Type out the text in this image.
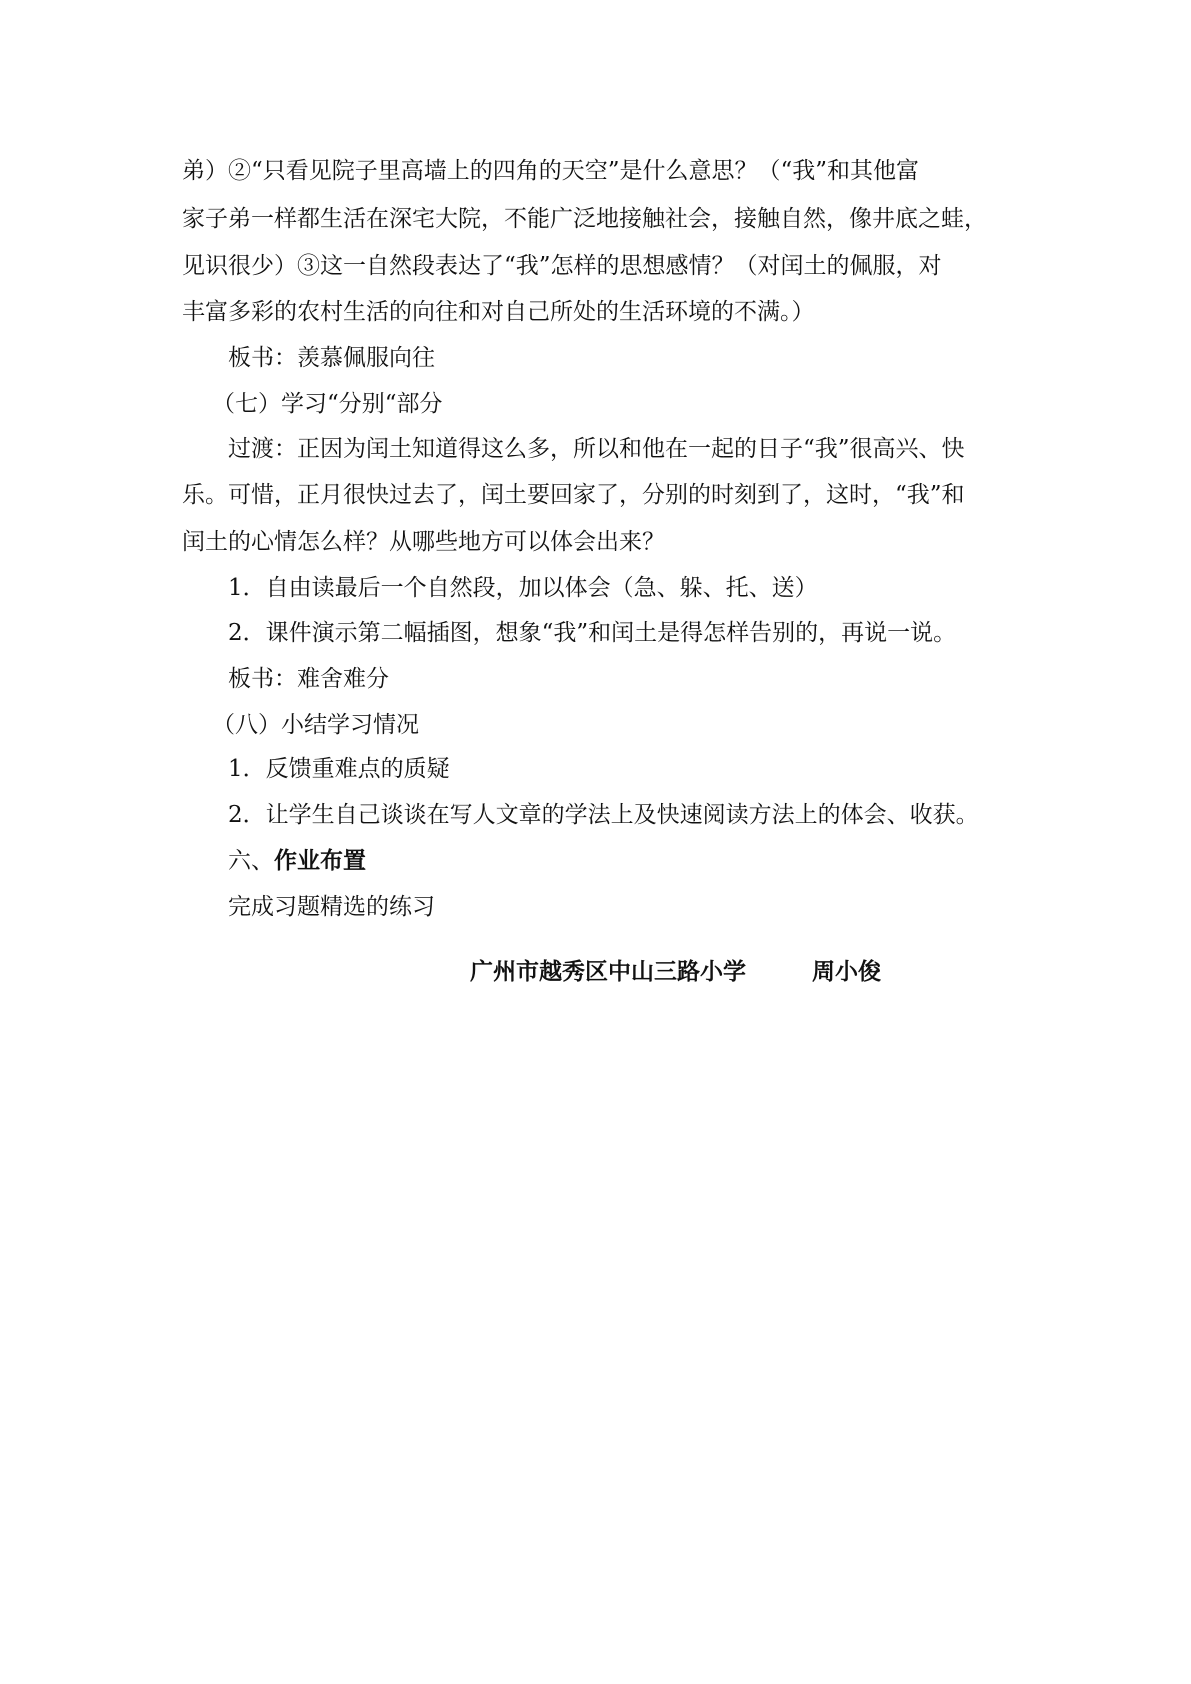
弟）②“只看见院子里高墙上的四角的天空”是什么意思？（“我”和其他富
家子弟一样都生活在深宅大院，不能广泛地接触社会，接触自然，像井底之蛙，
见识很少）③这一自然段表达了“我”怎样的思想感情？（对闰土的佩服，对
丰富多彩的农村生活的向往和对自己所处的生活环境的不满。）
板书：羡慕佩服向往
（七）学习“分别“部分
过渡：正因为闰土知道得这么多，所以和他在一起的日子“我”很高兴、快
乐。可惜，正月很快过去了，闰土要回家了，分别的时刻到了，这时，“我”和
闰土的心情怎么样？从哪些地方可以体会出来？
1．自由读最后一个自然段，加以体会（急、躲、托、送）
2．课件演示第二幅插图，想象“我”和闰土是得怎样告别的，再说一说。
板书：难舍难分
（八）小结学习情况
1．反馈重难点的质疑
2．让学生自己谈谈在写人文章的学法上及快速阅读方法上的体会、收获。
六、作业布置
完成习题精选的练习
广州市越秀区中山三路小学	周小俊
